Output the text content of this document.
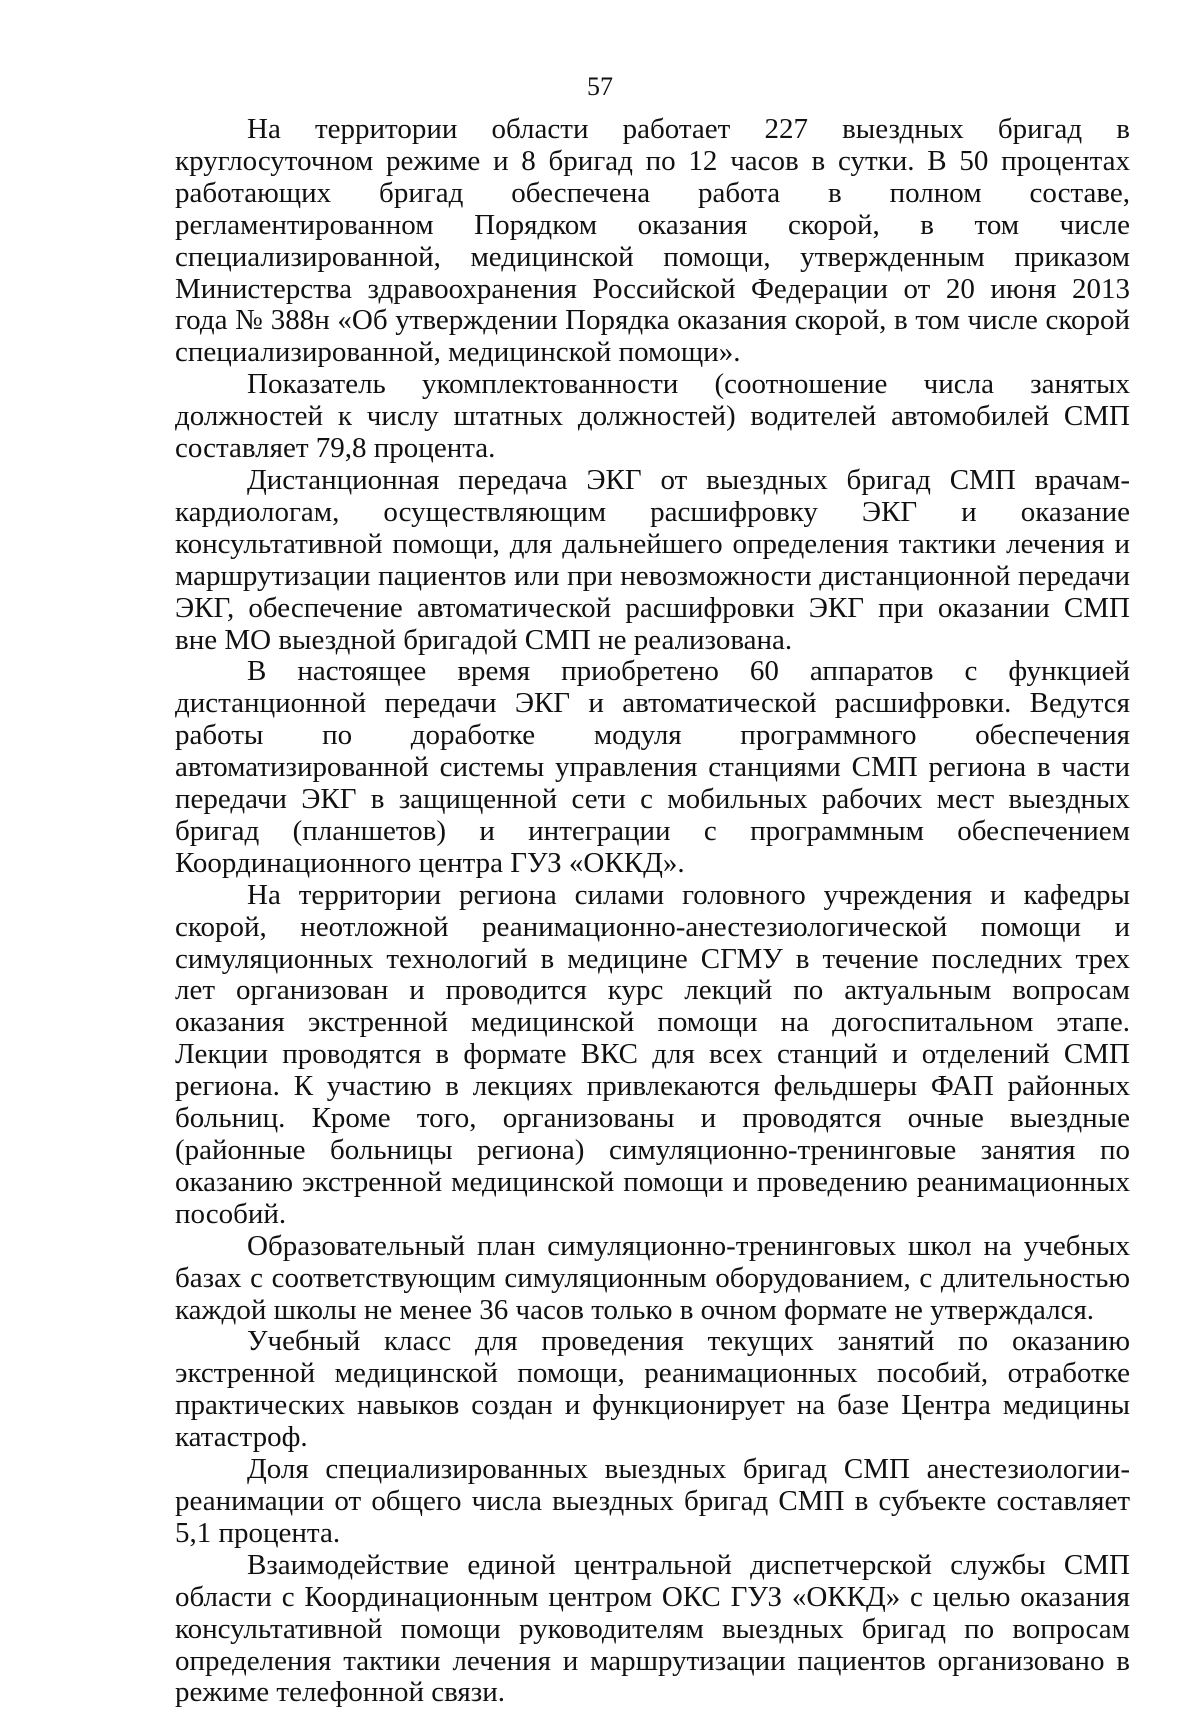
57

На территории области работает 227 выездных бригад в круглосуточном режиме и 8 бригад по 12 часов в сутки. В 50 процентах работающих бригад обеспечена работа в полном составе, регламентированном Порядком оказания скорой, в том числе специализированной, медицинской помощи, утвержденным приказом Министерства здравоохранения Российской Федерации от 20 июня 2013 года № 388н «Об утверждении Порядка оказания скорой, в том числе скорой специализированной, медицинской помощи».

Показатель укомплектованности (соотношение числа занятых должностей к числу штатных должностей) водителей автомобилей СМП составляет 79,8 процента.

Дистанционная передача ЭКГ от выездных бригад СМП врачам-кардиологам, осуществляющим расшифровку ЭКГ и оказание консультативной помощи, для дальнейшего определения тактики лечения и маршрутизации пациентов или при невозможности дистанционной передачи ЭКГ, обеспечение автоматической расшифровки ЭКГ при оказании СМП вне МО выездной бригадой СМП не реализована.

В настоящее время приобретено 60 аппаратов с функцией дистанционной передачи ЭКГ и автоматической расшифровки. Ведутся работы по доработке модуля программного обеспечения автоматизированной системы управления станциями СМП региона в части передачи ЭКГ в защищенной сети с мобильных рабочих мест выездных бригад (планшетов) и интеграции с программным обеспечением Координационного центра ГУЗ «ОККД».

На территории региона силами головного учреждения и кафедры скорой, неотложной реанимационно-анестезиологической помощи и симуляционных технологий в медицине СГМУ в течение последних трех лет организован и проводится курс лекций по актуальным вопросам оказания экстренной медицинской помощи на догоспитальном этапе. Лекции проводятся в формате ВКС для всех станций и отделений СМП региона. К участию в лекциях привлекаются фельдшеры ФАП районных больниц. Кроме того, организованы и проводятся очные выездные (районные больницы региона) симуляционно-тренинговые занятия по оказанию экстренной медицинской помощи и проведению реанимационных пособий.

Образовательный план симуляционно-тренинговых школ на учебных базах с соответствующим симуляционным оборудованием, с длительностью каждой школы не менее 36 часов только в очном формате не утверждался.

Учебный класс для проведения текущих занятий по оказанию экстренной медицинской помощи, реанимационных пособий, отработке практических навыков создан и функционирует на базе Центра медицины катастроф.

Доля специализированных выездных бригад СМП анестезиологии-реанимации от общего числа выездных бригад СМП в субъекте составляет 5,1 процента.

Взаимодействие единой центральной диспетчерской службы СМП области с Координационным центром ОКС ГУЗ «ОККД» с целью оказания консультативной помощи руководителям выездных бригад по вопросам определения тактики лечения и маршрутизации пациентов организовано в режиме телефонной связи.
